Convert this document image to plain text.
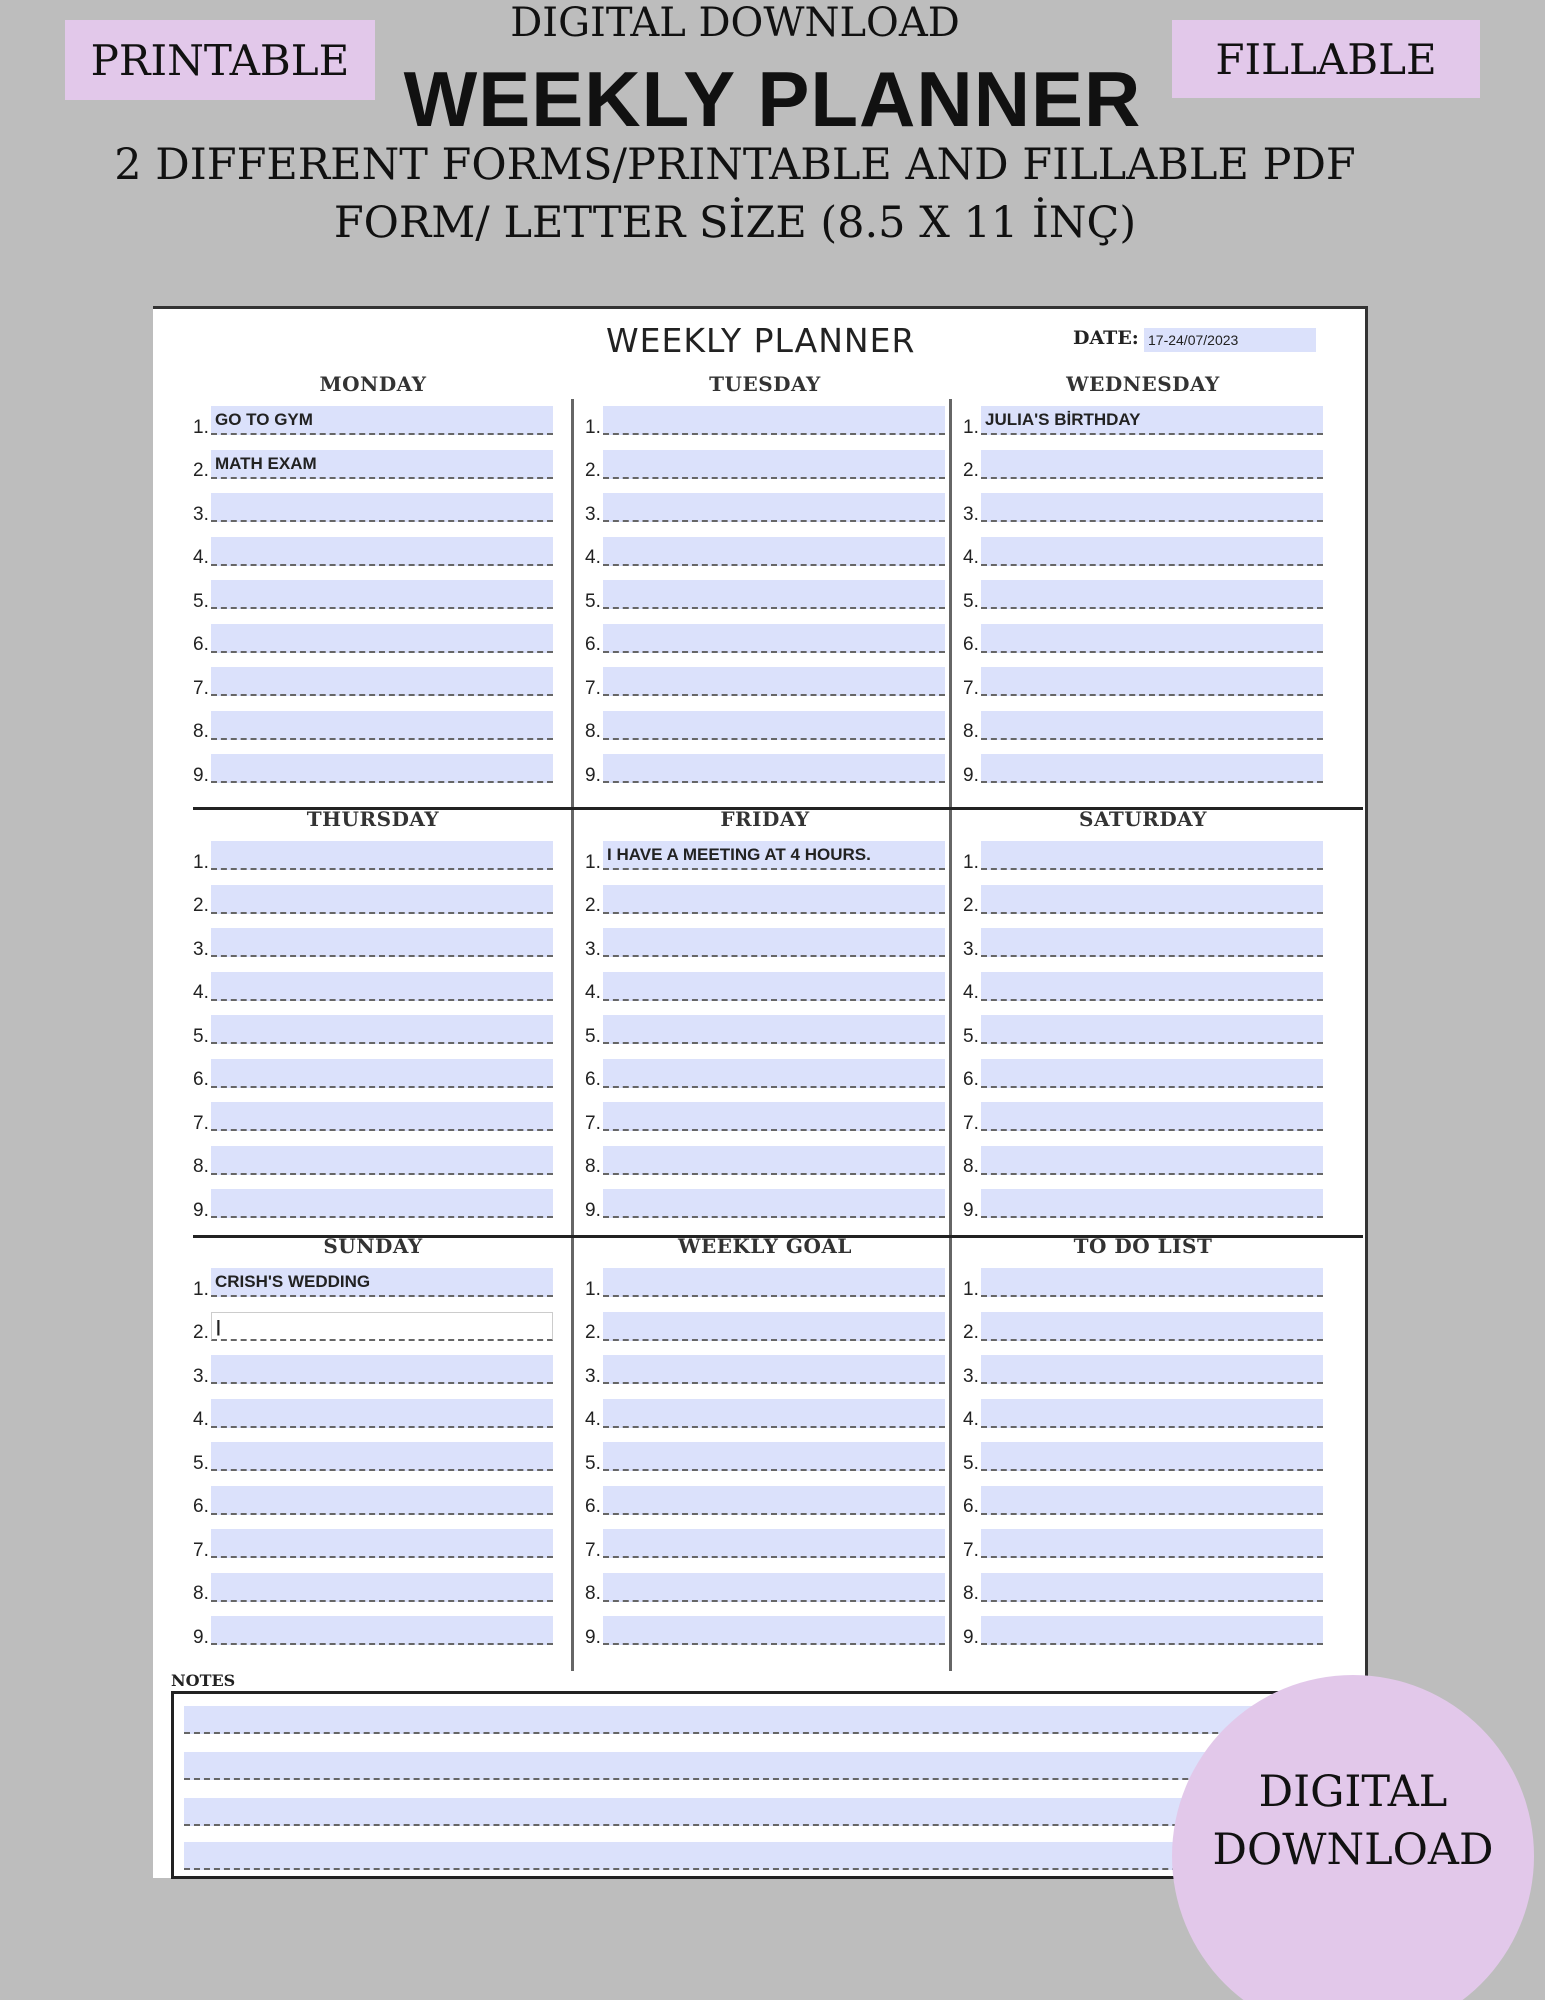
DIGITAL DOWNLOAD
PRINTABLE	FILLABLE
WEEKLY PLANNER
2 DIFFERENT FORMS/PRINTABLE AND FILLABLE PDF
FORM/ LETTER SİZE (8.5 X 11 İNÇ)
WEEKLY PLANNER	DATE: 17-24/07/2023
MONDAY
1. GO TO GYM
2. MATH EXAM
3.
4.
5.
6.
7.
8.
9.
TUESDAY
1.
2.
3.
4.
5.
6.
7.
8.
9.
WEDNESDAY
1. JULIA'S BİRTHDAY
2.
3.
4.
5.
6.
7.
8.
9.
THURSDAY
1.
2.
3.
4.
5.
6.
7.
8.
9.
FRIDAY
1. I HAVE A MEETING AT 4 HOURS.
2.
3.
4.
5.
6.
7.
8.
9.
SATURDAY
1.
2.
3.
4.
5.
6.
7.
8.
9.
SUNDAY
1. CRISH'S WEDDING
2. |
3.
4.
5.
6.
7.
8.
9.
WEEKLY GOAL
1.
2.
3.
4.
5.
6.
7.
8.
9.
TO DO LIST
1.
2.
3.
4.
5.
6.
7.
8.
9.
NOTES
DIGITAL
DOWNLOAD
